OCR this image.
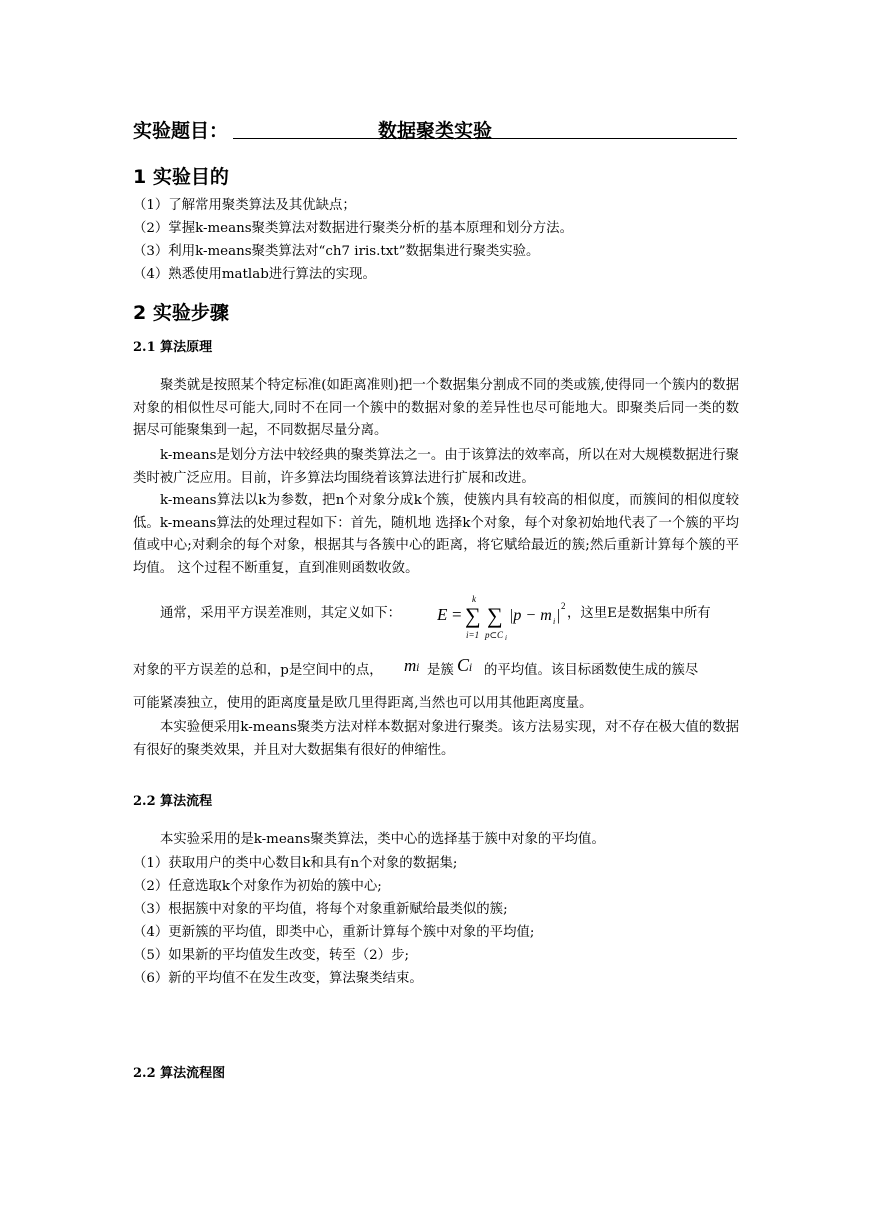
实验题目：	数据聚类实验
1 实验目的
（1）了解常用聚类算法及其优缺点；
（2）掌握k-means聚类算法对数据进行聚类分析的基本原理和划分方法。
（3）利用k-means聚类算法对“ch7 iris.txt”数据集进行聚类实验。
（4）熟悉使用matlab进行算法的实现。
2 实验步骤
2.1 算法原理
聚类就是按照某个特定标准(如距离准则)把一个数据集分割成不同的类或簇,使得同一个簇内的数据对象的相似性尽可能大,同时不在同一个簇中的数据对象的差异性也尽可能地大。即聚类后同一类的数据尽可能聚集到一起，不同数据尽量分离。
k-means是划分方法中较经典的聚类算法之一。由于该算法的效率高，所以在对大规模数据进行聚类时被广泛应用。目前，许多算法均围绕着该算法进行扩展和改进。
k-means算法以k为参数，把n个对象分成k个簇，使簇内具有较高的相似度，而簇间的相似度较低。k-means算法的处理过程如下：首先，随机地 选择k个对象，每个对象初始地代表了一个簇的平均值或中心;对剩余的每个对象，根据其与各簇中心的距离，将它赋给最近的簇;然后重新计算每个簇的平均值。 这个过程不断重复，直到准则函数收敛。
通常，采用平方误差准则，其定义如下： E =
k
∑
i=1
∑
p⊂C i
|p − m i |
2 ，这里E是数据集中所有
对象的平方误差的总和，p是空间中的点， mi 是簇 Ci 的平均值。该目标函数使生成的簇尽
可能紧凑独立，使用的距离度量是欧几里得距离,当然也可以用其他距离度量。
本实验便采用k-means聚类方法对样本数据对象进行聚类。该方法易实现，对不存在极大值的数据有很好的聚类效果，并且对大数据集有很好的伸缩性。
2.2 算法流程
本实验采用的是k-means聚类算法，类中心的选择基于簇中对象的平均值。
（1）获取用户的类中心数目k和具有n个对象的数据集;
（2）任意选取k个对象作为初始的簇中心;
（3）根据簇中对象的平均值，将每个对象重新赋给最类似的簇;
（4）更新簇的平均值，即类中心，重新计算每个簇中对象的平均值;
（5）如果新的平均值发生改变，转至（2）步;
（6）新的平均值不在发生改变，算法聚类结束。
2.2 算法流程图
